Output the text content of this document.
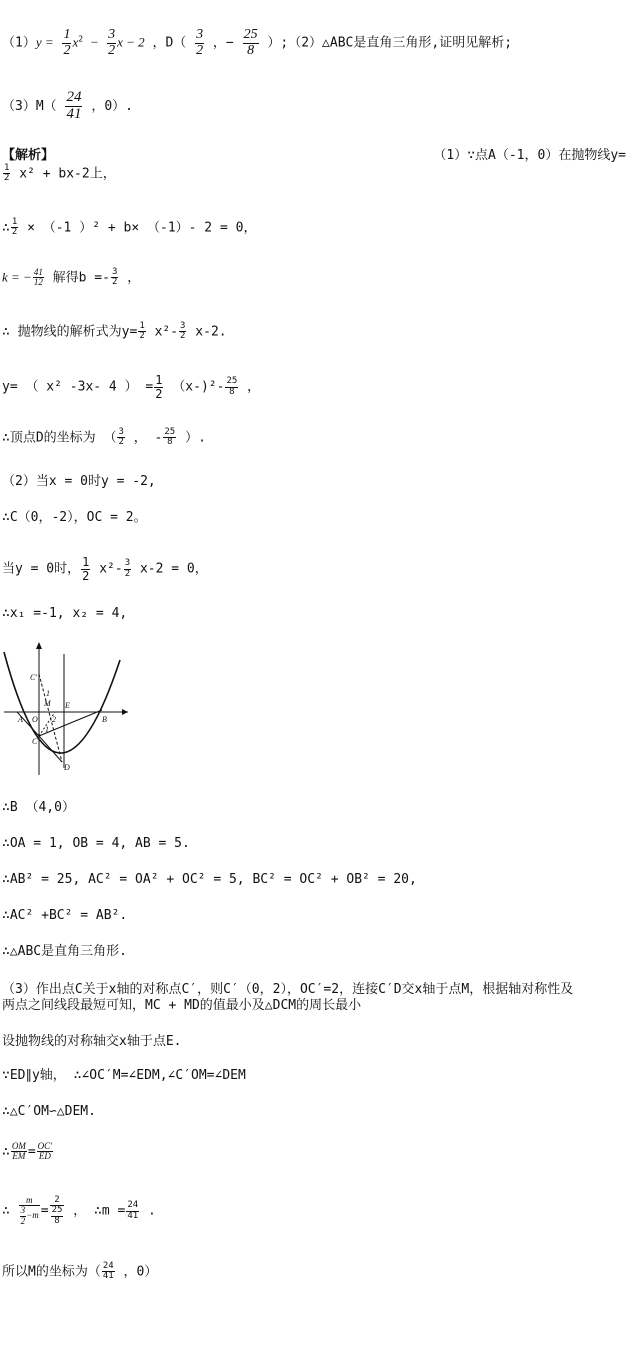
$(1)y = \frac{1}{2} x^2 - \frac{3}{2}$ x − 2 ，$D( \frac{3}{2}$ ，− $\frac{25}{8}$ ）;（2）△ABC是直角三角形,证明见解析;
$(3)M( \frac{24}{41}$ ，0）.
【解析】	（1）∵点A（-1，0）在抛物线y=
$\frac{1}{2} x^2 + bx-2$上，
∴ $\frac{1}{2} \times (-1$ ）² + b× （-1）- 2 = 0，
k = − $\frac{41}{12}$ 解得$b =- \frac{3}{2}$ ，
∴ 抛物线的解析式为$y= \frac{1}{2} x^2- \frac{3}{2} x-2$.
y= （ x² -3x- 4 ） = $\frac{1}{2} (x-)^2- \frac{25}{8}$ ，
∴顶点D的坐标为 （ $\frac{3}{2}$ ， - $\frac{25}{8}$ ）.
（2）当x = 0时y = -2,
∴C（0，-2），OC = 2。
当y = 0时， $\frac{1}{2} x^2- \frac{3}{2} x-2 = 0$，
∴x₁ =-1, x₂ = 4,
C′
M
1
E
A O 2
1
B
C
D
∴B （4,0）
∴OA = 1, OB = 4, AB = 5.
∴AB² = 25, AC² = OA² + OC² = 5, BC² = OC² + OB² = 20,
∴AC² +BC² = AB².
∴△ABC是直角三角形.
（3）作出点C关于x轴的对称点C′，则C′（0，2），OC′=2，连接C′D交x轴于点M，根据轴对称性及
两点之间线段最短可知，MC + MD的值最小及△DCM的周长最小
设抛物线的对称轴交x轴于点E.
∵ED∥y轴， ∴∠OC′M=∠EDM,∠C′OM=∠DEM
∴△C′OM∽△DEM.
∴ $\frac{OM}{EM} = \frac{OC'}{ED}$
∴ $\frac{m}{\frac{3}{2} -m} = \frac{2}{\frac{25}{8}}$ ， ∴m = $\frac{24}{41}$ .
所以M的坐标为（ $\frac{24}{41}$ ，0）
